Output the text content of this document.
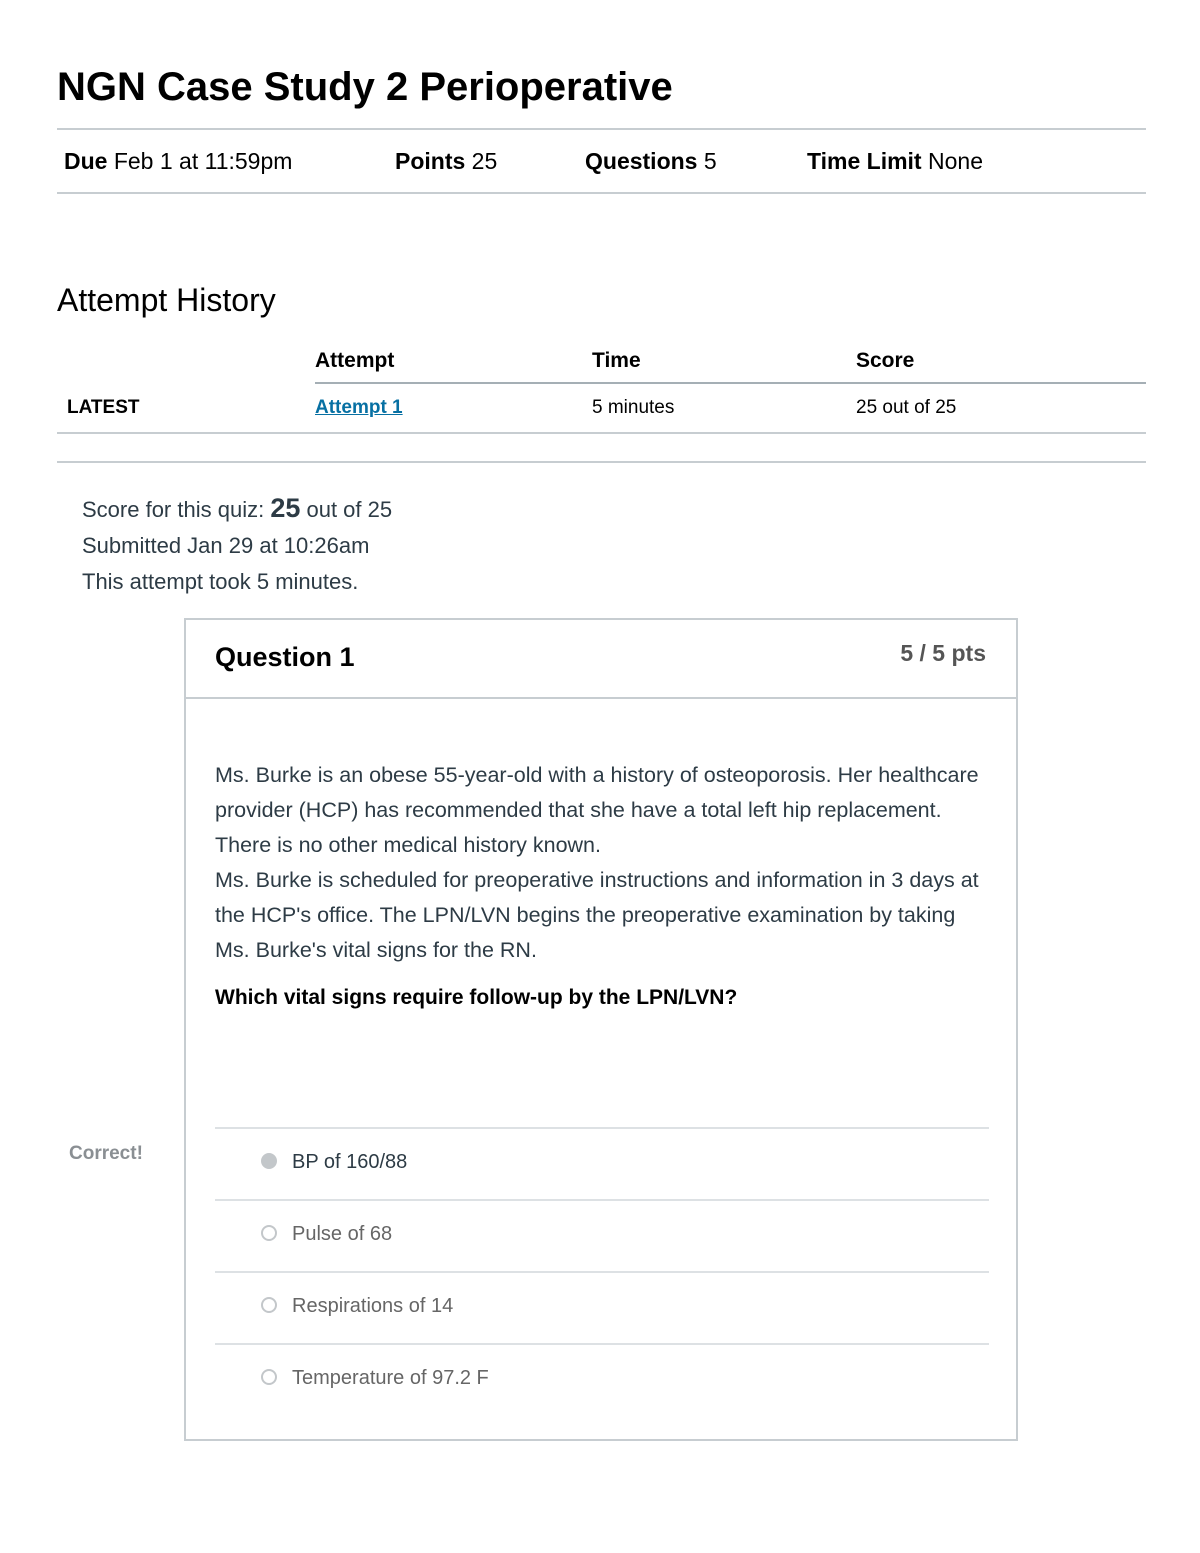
NGN Case Study 2 Perioperative
Due Feb 1 at 11:59pm	Points 25	Questions 5	Time Limit None
Attempt History
	Attempt	Time	Score
LATEST	Attempt 1	5 minutes	25 out of 25
Score for this quiz: 25 out of 25
Submitted Jan 29 at 10:26am
This attempt took 5 minutes.
Question 1	5 / 5 pts

Ms. Burke is an obese 55-year-old with a history of osteoporosis. Her healthcare provider (HCP) has recommended that she have a total left hip replacement. There is no other medical history known.

Ms. Burke is scheduled for preoperative instructions and information in 3 days at the HCP's office. The LPN/LVN begins the preoperative examination by taking Ms. Burke's vital signs for the RN.

Which vital signs require follow-up by the LPN/LVN?
BP of 160/88
Pulse of 68
Respirations of 14
Temperature of 97.2 F
Correct!
